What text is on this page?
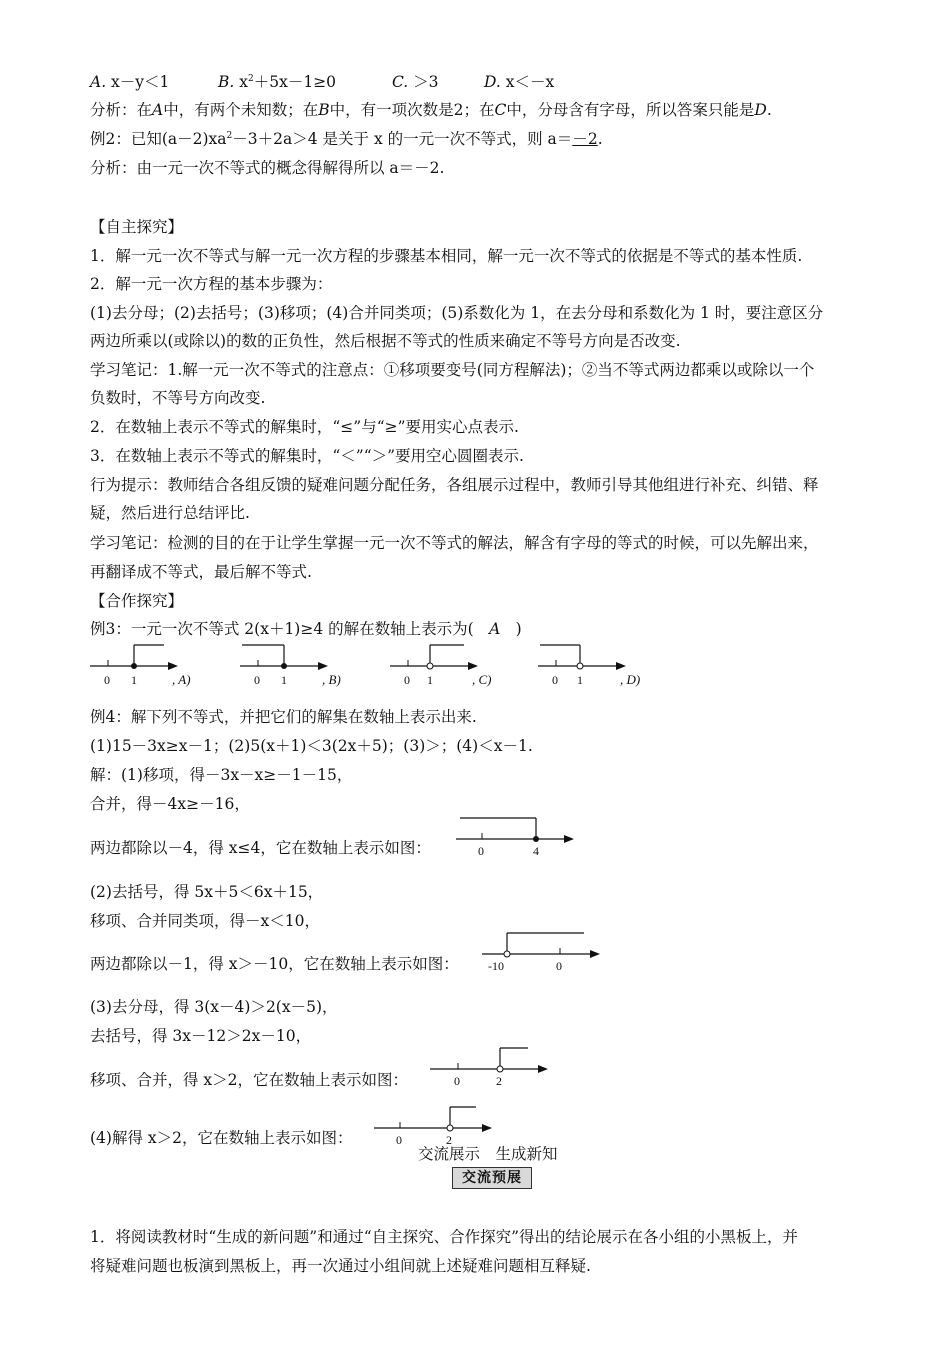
A. x－y＜1	B. $x^2+5x-1\ge 0$	C. ＞3	D. x＜－x
分析：在A中，有两个未知数；在B中，有一项次数是2；在C中，分母含有字母，所以答案只能是D.
例2：已知$(a-2)xa^2-3+2a>4$ 是关于 x 的一元一次不等式，则 a＝－2.
分析：由一元一次不等式的概念得解得所以 a＝－2.
【自主探究】
1．解一元一次不等式与解一元一次方程的步骤基本相同，解一元一次不等式的依据是不等式的基本性质.
2．解一元一次方程的基本步骤为：
(1)去分母；(2)去括号；(3)移项；(4)合并同类项；(5)系数化为 1，在去分母和系数化为 1 时，要注意区分
两边所乘以(或除以)的数的正负性，然后根据不等式的性质来确定不等号方向是否改变.
学习笔记：1.解一元一次不等式的注意点：①移项要变号(同方程解法)；②当不等式两边都乘以或除以一个
负数时，不等号方向改变.
2．在数轴上表示不等式的解集时，“≤”与“≥”要用实心点表示.
3．在数轴上表示不等式的解集时，“＜”“＞”要用空心圆圈表示.
行为提示：教师结合各组反馈的疑难问题分配任务，各组展示过程中，教师引导其他组进行补充、纠错、释
疑，然后进行总结评比.
学习笔记：检测的目的在于让学生掌握一元一次不等式的解法，解含有字母的等式的时候，可以先解出来，
再翻译成不等式，最后解不等式.
【合作探究】
例3：一元一次不等式 2(x＋1)≥4 的解在数轴上表示为( A )
0 1	, A)	0 1	, B)	0 1	, C)	0 1	, D)
例4：解下列不等式，并把它们的解集在数轴上表示出来.
(1)15－3x≥x－1；(2)5(x＋1)＜3(2x＋5)；(3)＞；(4)＜x－1.
解：(1)移项，得－3x－x≥－1－15，
合并，得－4x≥－16，
两边都除以－4，得 x≤4，它在数轴上表示如图：	0	4
(2)去括号，得 5x＋5＜6x＋15，
移项、合并同类项，得－x＜10，
两边都除以－1，得 x＞－10，它在数轴上表示如图： -10	0
(3)去分母，得 3(x－4)＞2(x－5)，
去括号，得 3x－12＞2x－10，
移项、合并，得 x＞2，它在数轴上表示如图：	0	2
(4)解得 x＞2，它在数轴上表示如图：	0	2
交流展示　生成新知
交流预展
1．将阅读教材时“生成的新问题”和通过“自主探究、合作探究”得出的结论展示在各小组的小黑板上，并
将疑难问题也板演到黑板上，再一次通过小组间就上述疑难问题相互释疑.
